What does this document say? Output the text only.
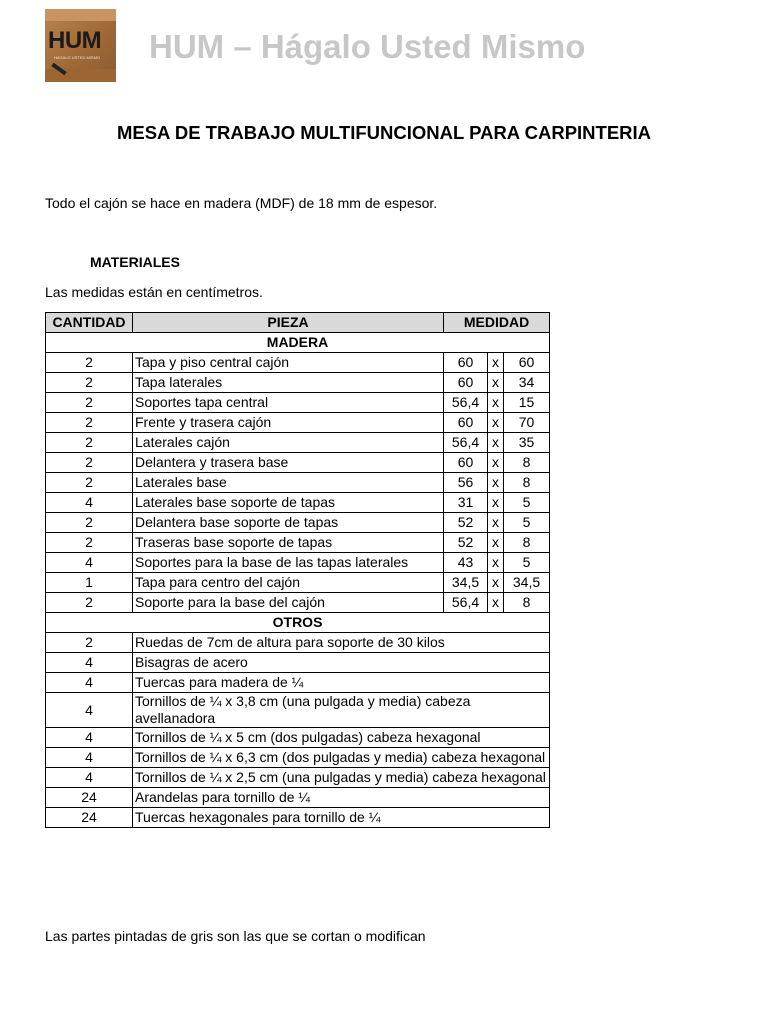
HUM
HÁGALO USTED MISMO HUM – Hágalo Usted Mismo
MESA DE TRABAJO MULTIFUNCIONAL PARA CARPINTERIA
Todo el cajón se hace en madera (MDF) de 18 mm de espesor.
MATERIALES
Las medidas están en centímetros.
CANTIDAD	PIEZA	MEDIDAD		
MADERA				
2	Tapa y piso central cajón	60	x	60
2	Tapa laterales	60	x	34
2	Soportes tapa central	56,4	x	15
2	Frente y trasera cajón	60	x	70
2	Laterales cajón	56,4	x	35
2	Delantera y trasera base	60	x	8
2	Laterales base	56	x	8
4	Laterales base soporte de tapas	31	x	5
2	Delantera base soporte de tapas	52	x	5
2	Traseras base soporte de tapas	52	x	8
4	Soportes para la base de las tapas laterales	43	x	5
1	Tapa para centro del cajón	34,5	x	34,5
2	Soporte para la base del cajón	56,4	x	8
OTROS				
2	Ruedas de 7cm de altura para soporte de 30 kilos			
4	Bisagras de acero			
4	Tuercas para madera de ¼			
4	Tornillos de ¼ x 3,8 cm (una pulgada y media) cabeza avellanadora			
4	Tornillos de ¼ x 5 cm (dos pulgadas) cabeza hexagonal			
4	Tornillos de ¼ x 6,3 cm (dos pulgadas y media) cabeza hexagonal			
4	Tornillos de ¼ x 2,5 cm (una pulgadas y media) cabeza hexagonal			
24	Arandelas para tornillo de ¼			
24	Tuercas hexagonales para tornillo de ¼			
Las partes pintadas de gris son las que se cortan o modifican
